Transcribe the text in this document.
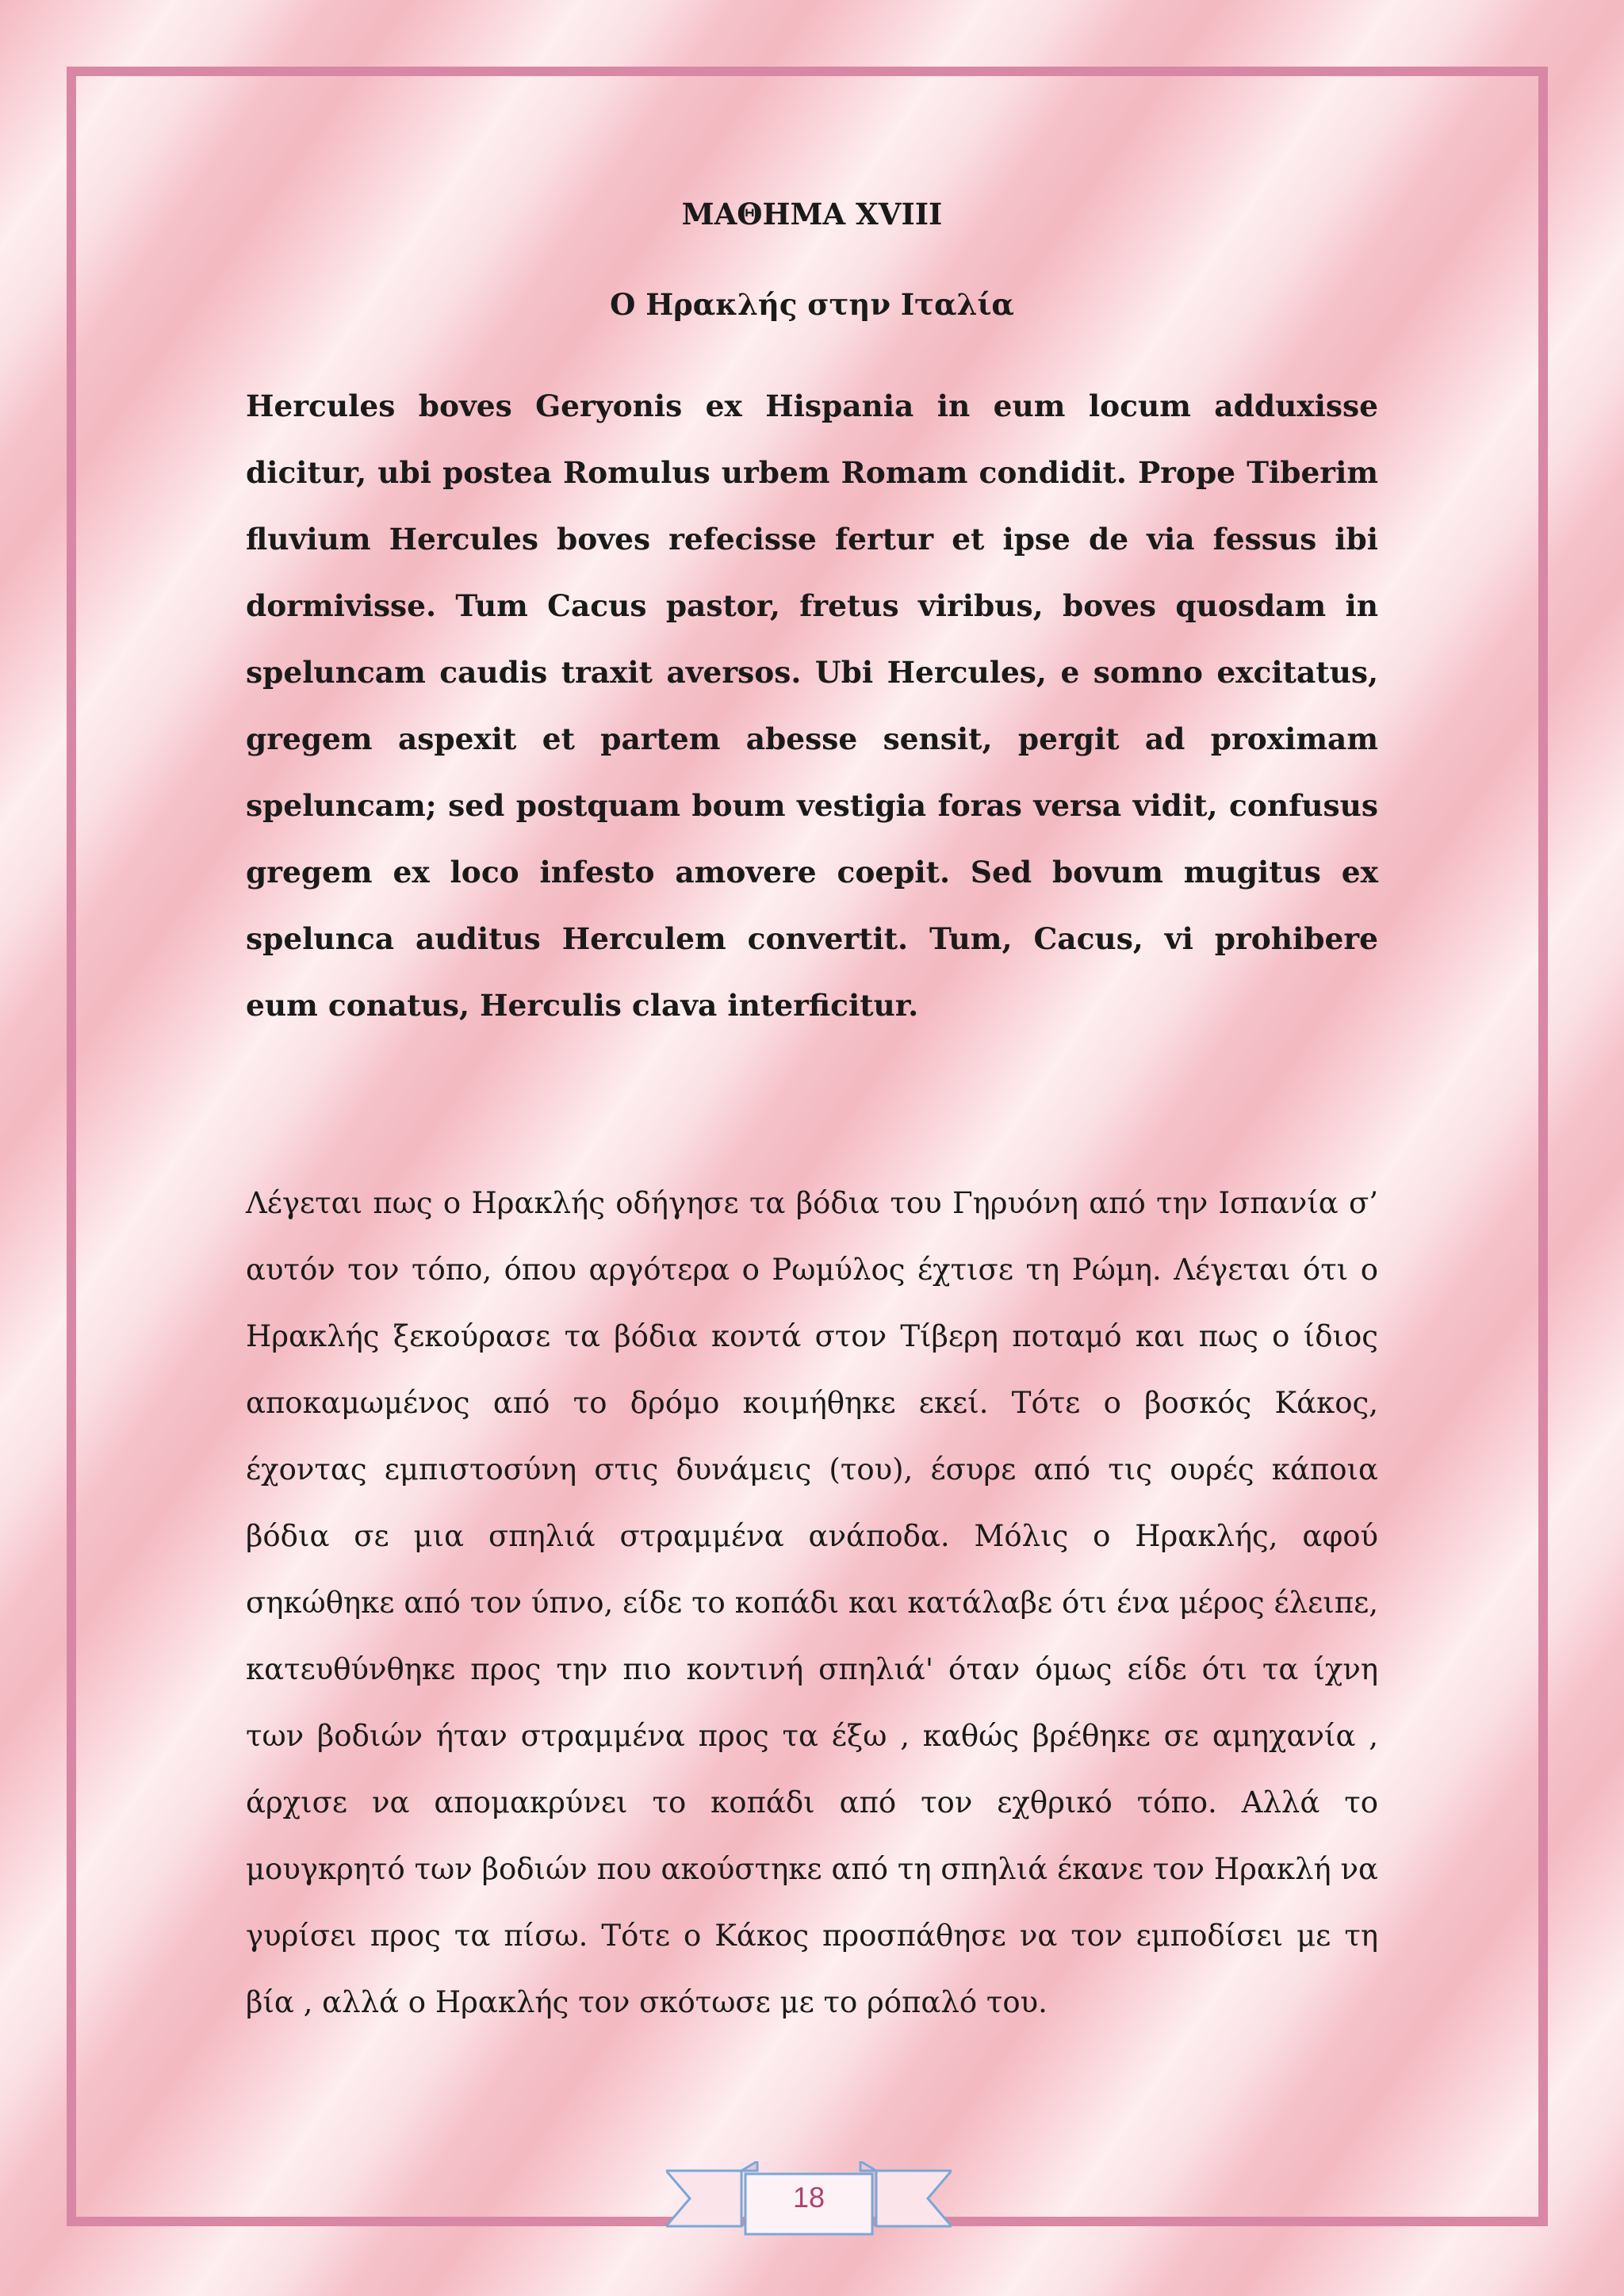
ΜΑΘΗΜΑ XVIII
Ο Ηρακλής στην Ιταλία

Hercules boves Geryonis ex Hispania in eum locum adduxisse dicitur, ubi postea Romulus urbem Romam condidit. Prope Tiberim fluvium Hercules boves refecisse fertur et ipse de via fessus ibi dormivisse. Tum Cacus pastor, fretus viribus, boves quosdam in speluncam caudis traxit aversos. Ubi Hercules, e somno excitatus, gregem aspexit et partem abesse sensit, pergit ad proximam speluncam; sed postquam boum vestigia foras versa vidit, confusus gregem ex loco infesto amovere coepit. Sed bovum mugitus ex spelunca auditus Herculem convertit. Tum, Cacus, vi prohibere eum conatus, Herculis clava interficitur.

Λέγεται πως ο Ηρακλής οδήγησε τα βόδια του Γηρυόνη από την Ισπανία σ’ αυτόν τον τόπο, όπου αργότερα ο Ρωμύλος έχτισε τη Ρώμη. Λέγεται ότι ο Ηρακλής ξεκούρασε τα βόδια κοντά στον Τίβερη ποταμό και πως ο ίδιος αποκαμωμένος από το δρόμο κοιμήθηκε εκεί. Τότε ο βοσκός Κάκος, έχοντας εμπιστοσύνη στις δυνάμεις (του), έσυρε από τις ουρές κάποια βόδια σε μια σπηλιά στραμμένα ανάποδα. Μόλις ο Ηρακλής, αφού σηκώθηκε από τον ύπνο, είδε το κοπάδι και κατάλαβε ότι ένα μέρος έλειπε, κατευθύνθηκε προς την πιο κοντινή σπηλιά' όταν όμως είδε ότι τα ίχνη των βοδιών ήταν στραμμένα προς τα έξω , καθώς βρέθηκε σε αμηχανία , άρχισε να απομακρύνει το κοπάδι από τον εχθρικό τόπο. Αλλά το μουγκρητό των βοδιών που ακούστηκε από τη σπηλιά έκανε τον Ηρακλή να γυρίσει προς τα πίσω. Τότε ο Κάκος προσπάθησε να τον εμποδίσει με τη βία , αλλά ο Ηρακλής τον σκότωσε με το ρόπαλό του.

18
